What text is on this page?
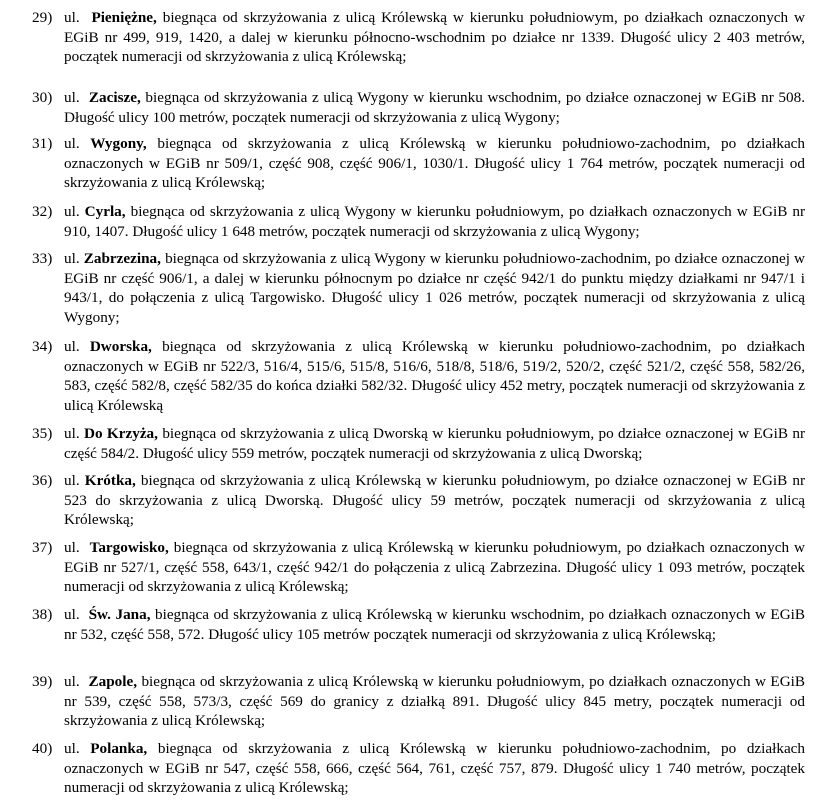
29) ul. Pieniężne, biegnąca od skrzyżowania z ulicą Królewską w kierunku południowym, po działkach oznaczonych w EGiB nr 499, 919, 1420, a dalej w kierunku północno-wschodnim po działce nr 1339. Długość ulicy 2 403 metrów, początek numeracji od skrzyżowania z ulicą Królewską;
30) ul. Zacisze, biegnąca od skrzyżowania z ulicą Wygony w kierunku wschodnim, po działce oznaczonej w EGiB nr 508. Długość ulicy 100 metrów, początek numeracji od skrzyżowania z ulicą Wygony;
31) ul. Wygony, biegnąca od skrzyżowania z ulicą Królewską w kierunku południowo-zachodnim, po działkach oznaczonych w EGiB nr 509/1, część 908, część 906/1, 1030/1. Długość ulicy 1 764 metrów, początek numeracji od skrzyżowania z ulicą Królewską;
32) ul. Cyrla, biegnąca od skrzyżowania z ulicą Wygony w kierunku południowym, po działkach oznaczonych w EGiB nr 910, 1407. Długość ulicy 1 648 metrów, początek numeracji od skrzyżowania z ulicą Wygony;
33) ul. Zabrzezina, biegnąca od skrzyżowania z ulicą Wygony w kierunku południowo-zachodnim, po działce oznaczonej w EGiB nr część 906/1, a dalej w kierunku północnym po działce nr część 942/1 do punktu między działkami nr 947/1 i 943/1, do połączenia z ulicą Targowisko. Długość ulicy 1 026 metrów, początek numeracji od skrzyżowania z ulicą Wygony;
34) ul. Dworska, biegnąca od skrzyżowania z ulicą Królewską w kierunku południowo-zachodnim, po działkach oznaczonych w EGiB nr 522/3, 516/4, 515/6, 515/8, 516/6, 518/8, 518/6, 519/2, 520/2, część 521/2, część 558, 582/26, 583, część 582/8, część 582/35 do końca działki 582/32. Długość ulicy 452 metry, początek numeracji od skrzyżowania z ulicą Królewską
35) ul. Do Krzyża, biegnąca od skrzyżowania z ulicą Dworską w kierunku południowym, po działce oznaczonej w EGiB nr część 584/2. Długość ulicy 559 metrów, początek numeracji od skrzyżowania z ulicą Dworską;
36) ul. Krótka, biegnąca od skrzyżowania z ulicą Królewską w kierunku południowym, po działce oznaczonej w EGiB nr 523 do skrzyżowania z ulicą Dworską. Długość ulicy 59 metrów, początek numeracji od skrzyżowania z ulicą Królewską;
37) ul. Targowisko, biegnąca od skrzyżowania z ulicą Królewską w kierunku południowym, po działkach oznaczonych w EGiB nr 527/1, część 558, 643/1, część 942/1 do połączenia z ulicą Zabrzezina. Długość ulicy 1 093 metrów, początek numeracji od skrzyżowania z ulicą Królewską;
38) ul. Św. Jana, biegnąca od skrzyżowania z ulicą Królewską w kierunku wschodnim, po działkach oznaczonych w EGiB nr 532, część 558, 572. Długość ulicy 105 metrów początek numeracji od skrzyżowania z ulicą Królewską;
39) ul. Zapole, biegnąca od skrzyżowania z ulicą Królewską w kierunku południowym, po działkach oznaczonych w EGiB nr 539, część 558, 573/3, część 569 do granicy z działką 891. Długość ulicy 845 metry, początek numeracji od skrzyżowania z ulicą Królewską;
40) ul. Polanka, biegnąca od skrzyżowania z ulicą Królewską w kierunku południowo-zachodnim, po działkach oznaczonych w EGiB nr 547, część 558, 666, część 564, 761, część 757, 879. Długość ulicy 1 740 metrów, początek numeracji od skrzyżowania z ulicą Królewską;
